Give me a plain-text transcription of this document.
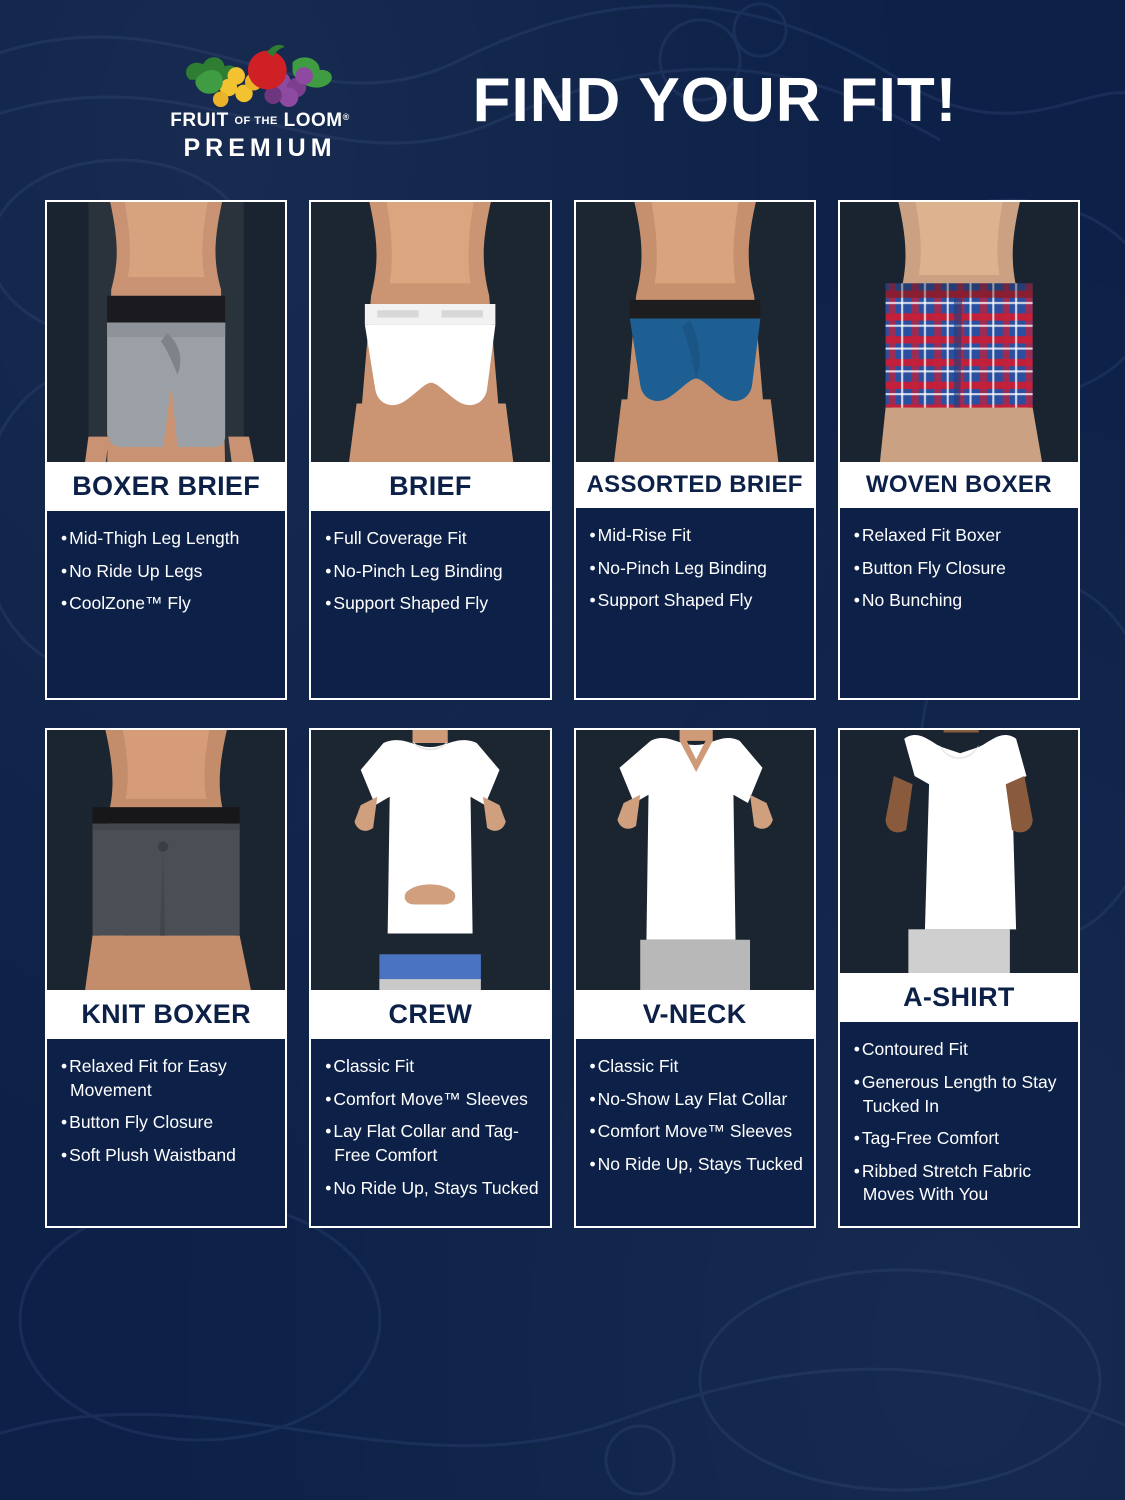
FRUIT OF THE LOOM®
PREMIUM
FIND YOUR FIT!
BOXER BRIEF
• Mid-Thigh Leg Length
• No Ride Up Legs
• CoolZone™ Fly
BRIEF
• Full Coverage Fit
• No-Pinch Leg Binding
• Support Shaped Fly
ASSORTED BRIEF
• Mid-Rise Fit
• No-Pinch Leg Binding
• Support Shaped Fly
WOVEN BOXER
• Relaxed Fit Boxer
• Button Fly Closure
• No Bunching
KNIT BOXER
• Relaxed Fit for Easy Movement
• Button Fly Closure
• Soft Plush Waistband
CREW
• Classic Fit
• Comfort Move™ Sleeves
• Lay Flat Collar and Tag-Free Comfort
• No Ride Up, Stays Tucked
V-NECK
• Classic Fit
• No-Show Lay Flat Collar
• Comfort Move™ Sleeves
• No Ride Up, Stays Tucked
A-SHIRT
• Contoured Fit
• Generous Length to Stay Tucked In
• Tag-Free Comfort
• Ribbed Stretch Fabric Moves With You
